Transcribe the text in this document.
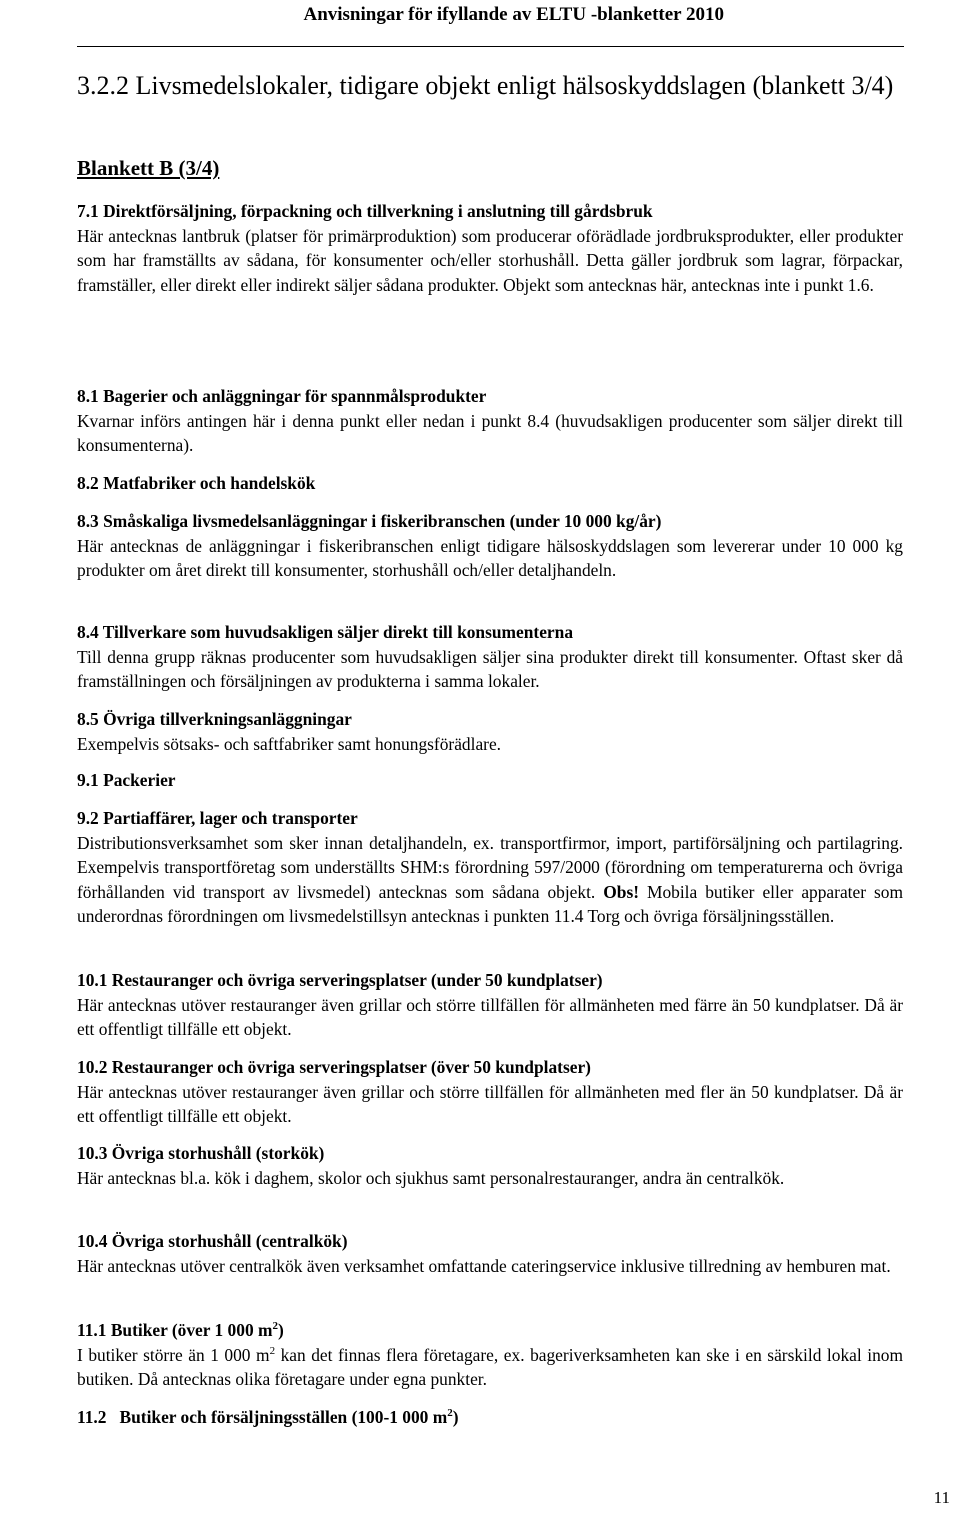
Anvisningar för ifyllande av ELTU -blanketter 2010
3.2.2 Livsmedelslokaler, tidigare objekt enligt hälsoskyddslagen (blankett 3/4)
Blankett B (3/4)
7.1 Direktförsäljning, förpackning och tillverkning i anslutning till gårdsbruk

Här antecknas lantbruk (platser för primärproduktion) som producerar oförädlade jordbruksprodukter, eller produkter som har framställts av sådana, för konsumenter och/eller storhushåll. Detta gäller jordbruk som lagrar, förpackar, framställer, eller direkt eller indirekt säljer sådana produkter. Objekt som antecknas här, antecknas inte i punkt 1.6.

8.1 Bagerier och anläggningar för spannmålsprodukter

Kvarnar införs antingen här i denna punkt eller nedan i punkt 8.4 (huvudsakligen producenter som säljer direkt till konsumenterna).

8.2 Matfabriker och handelskök
8.3 Småskaliga livsmedelsanläggningar i fiskeribranschen (under 10 000 kg/år)

Här antecknas de anläggningar i fiskeribranschen enligt tidigare hälsoskyddslagen som levererar under 10 000 kg produkter om året direkt till konsumenter, storhushåll och/eller detaljhandeln.

8.4 Tillverkare som huvudsakligen säljer direkt till konsumenterna

Till denna grupp räknas producenter som huvudsakligen säljer sina produkter direkt till konsumenter. Oftast sker då framställningen och försäljningen av produkterna i samma lokaler.

8.5 Övriga tillverkningsanläggningar

Exempelvis sötsaks- och saftfabriker samt honungsförädlare.

9.1 Packerier
9.2 Partiaffärer, lager och transporter

Distributionsverksamhet som sker innan detaljhandeln, ex. transportfirmor, import, partiförsäljning och partilagring. Exempelvis transportföretag som underställts SHM:s förordning 597/2000 (förordning om temperaturerna och övriga förhållanden vid transport av livsmedel) antecknas som sådana objekt. Obs! Mobila butiker eller apparater som underordnas förordningen om livsmedelstillsyn antecknas i punkten 11.4 Torg och övriga försäljningsställen.

10.1 Restauranger och övriga serveringsplatser (under 50 kundplatser)

Här antecknas utöver restauranger även grillar och större tillfällen för allmänheten med färre än 50 kundplatser. Då är ett offentligt tillfälle ett objekt.

10.2 Restauranger och övriga serveringsplatser (över 50 kundplatser)

Här antecknas utöver restauranger även grillar och större tillfällen för allmänheten med fler än 50 kundplatser. Då är ett offentligt tillfälle ett objekt.

10.3 Övriga storhushåll (storkök)

Här antecknas bl.a. kök i daghem, skolor och sjukhus samt personalrestauranger, andra än centralkök.

10.4 Övriga storhushåll (centralkök)

Här antecknas utöver centralkök även verksamhet omfattande cateringservice inklusive tillredning av hemburen mat.

11.1 Butiker (över 1 000 $m^2$)

I butiker större än 1 000 $m^2$ kan det finnas flera företagare, ex. bageriverksamheten kan ske i en särskild lokal inom butiken. Då antecknas olika företagare under egna punkter.

11.2   Butiker och försäljningsställen (100-1 000 $m^2$)
11
